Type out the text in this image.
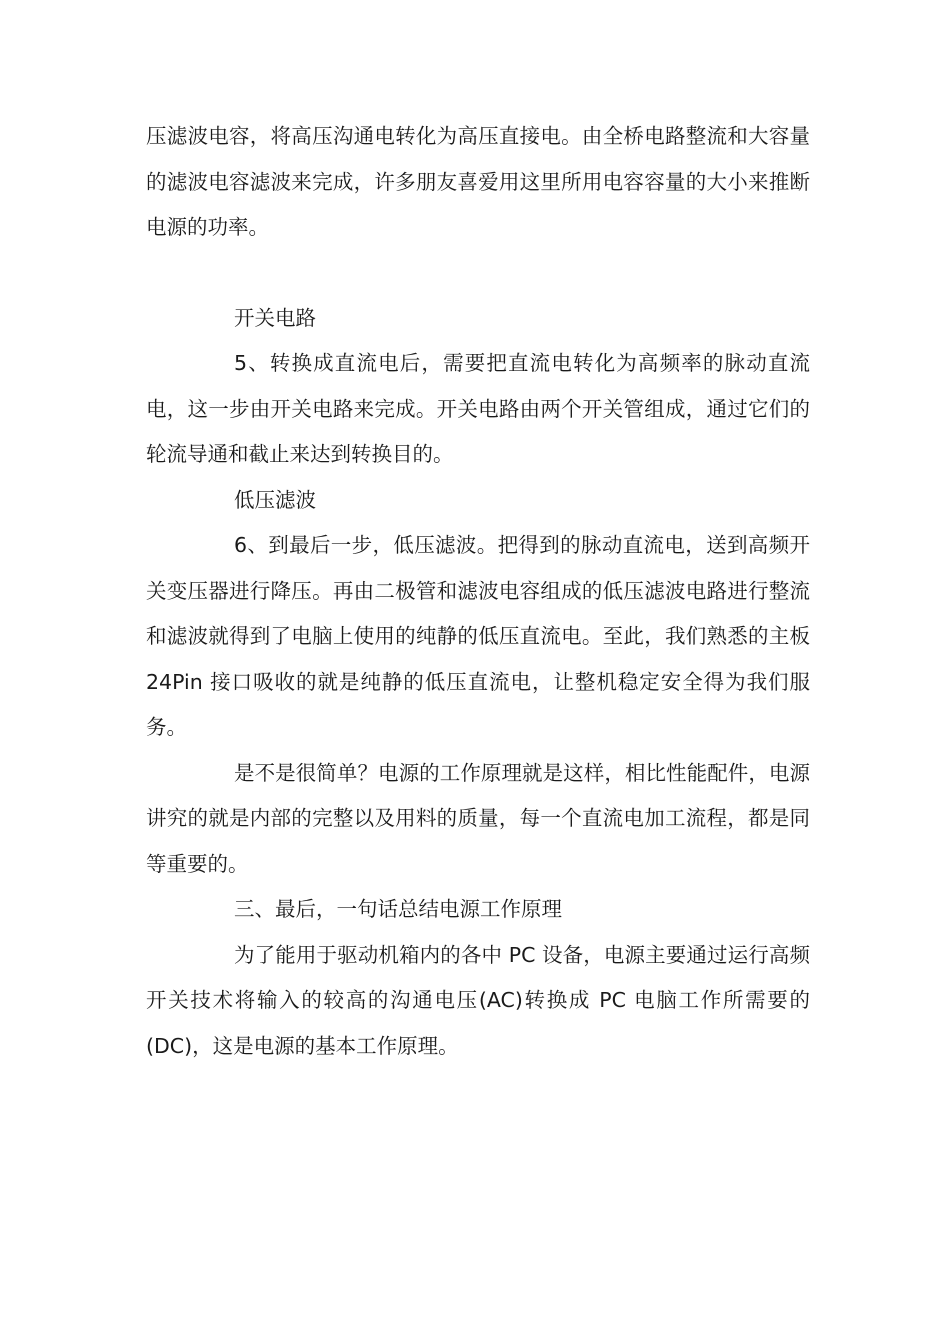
压滤波电容，将高压沟通电转化为高压直接电。由全桥电路整流和大容量的滤波电容滤波来完成，许多朋友喜爱用这里所用电容容量的大小来推断电源的功率。

开关电路

5、转换成直流电后，需要把直流电转化为高频率的脉动直流电，这一步由开关电路来完成。开关电路由两个开关管组成，通过它们的轮流导通和截止来达到转换目的。

低压滤波

6、到最后一步，低压滤波。把得到的脉动直流电，送到高频开关变压器进行降压。再由二极管和滤波电容组成的低压滤波电路进行整流和滤波就得到了电脑上使用的纯静的低压直流电。至此，我们熟悉的主板 24Pin 接口吸收的就是纯静的低压直流电，让整机稳定安全得为我们服务。

是不是很简单？电源的工作原理就是这样，相比性能配件，电源讲究的就是内部的完整以及用料的质量，每一个直流电加工流程，都是同等重要的。

三、最后，一句话总结电源工作原理

为了能用于驱动机箱内的各中 PC 设备，电源主要通过运行高频开关技术将输入的较高的沟通电压(AC)转换成 PC 电脑工作所需要的(DC)，这是电源的基本工作原理。
